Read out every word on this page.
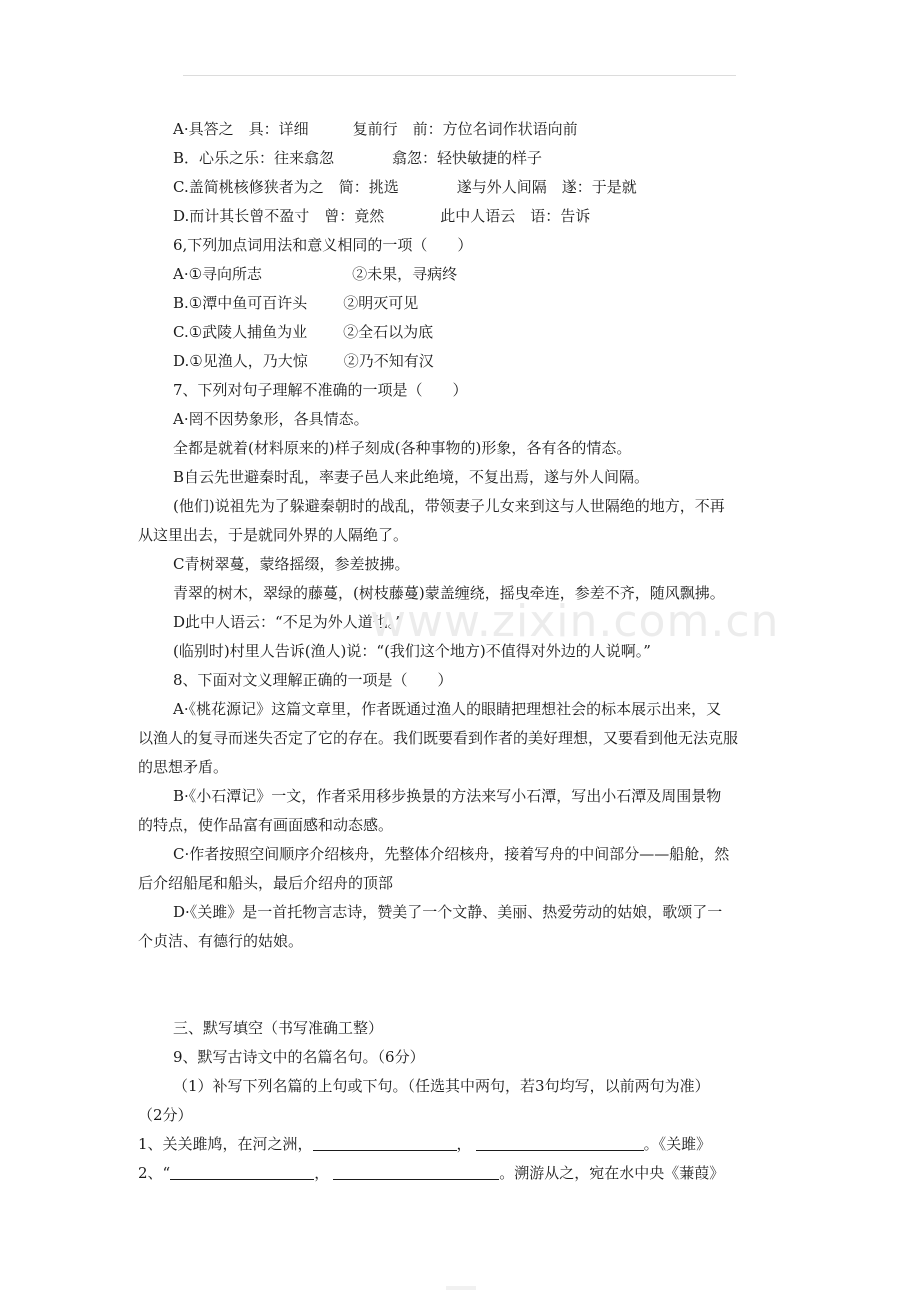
A·具答之　具：详细	复前行　前：方位名词作状语向前
B．心乐之乐：往来翕忽	翕忽：轻快敏捷的样子
C.盖简桃核修狭者为之　简：挑选	遂与外人间隔　遂：于是就
D.而计其长曾不盈寸　曾：竟然	此中人语云　语：告诉
6,下列加点词用法和意义相同的一项（　　）
A·①寻向所志	②未果，寻病终
B.①潭中鱼可百许头 ②明灭可见
C.①武陵人捕鱼为业 ②全石以为底
D.①见渔人，乃大惊 ②乃不知有汉
7、下列对句子理解不准确的一项是（　　）
A·罔不因势象形，各具情态。
全都是就着(材料原来的)样子刻成(各种事物的)形象，各有各的情态。
B自云先世避秦时乱，率妻子邑人来此绝境，不复出焉，遂与外人间隔。
(他们)说祖先为了躲避秦朝时的战乱，带领妻子儿女来到这与人世隔绝的地方，不再
从这里出去，于是就同外界的人隔绝了。
C青树翠蔓，蒙络摇缀，参差披拂。
青翠的树木，翠绿的藤蔓，(树枝藤蔓)蒙盖缠绕，摇曳牵连，参差不齐，随风飘拂。
D此中人语云：“不足为外人道也。”
(临别时)村里人告诉(渔人)说：“(我们这个地方)不值得对外边的人说啊。”
8、下面对文义理解正确的一项是（　　）
A·《桃花源记》这篇文章里，作者既通过渔人的眼睛把理想社会的标本展示出来，又
以渔人的复寻而迷失否定了它的存在。我们既要看到作者的美好理想，又要看到他无法克服
的思想矛盾。
B·《小石潭记》一文，作者采用移步换景的方法来写小石潭，写出小石潭及周围景物
的特点，使作品富有画面感和动态感。
C·作者按照空间顺序介绍核舟，先整体介绍核舟，接着写舟的中间部分——船舱，然
后介绍船尾和船头，最后介绍舟的顶部
D·《关雎》是一首托物言志诗，赞美了一个文静、美丽、热爱劳动的姑娘，歌颂了一
个贞洁、有德行的姑娘。
三、默写填空（书写准确工整）
9、默写古诗文中的名篇名句。（6分）
（1）补写下列名篇的上句或下句。（任选其中两句，若3句均写，以前两句为准）
（2分）
1、关关雎鸠，在河之洲，	，	。《关雎》
2、“	，	。溯游从之，宛在水中央《蒹葭》
www.zixin.com.cn
